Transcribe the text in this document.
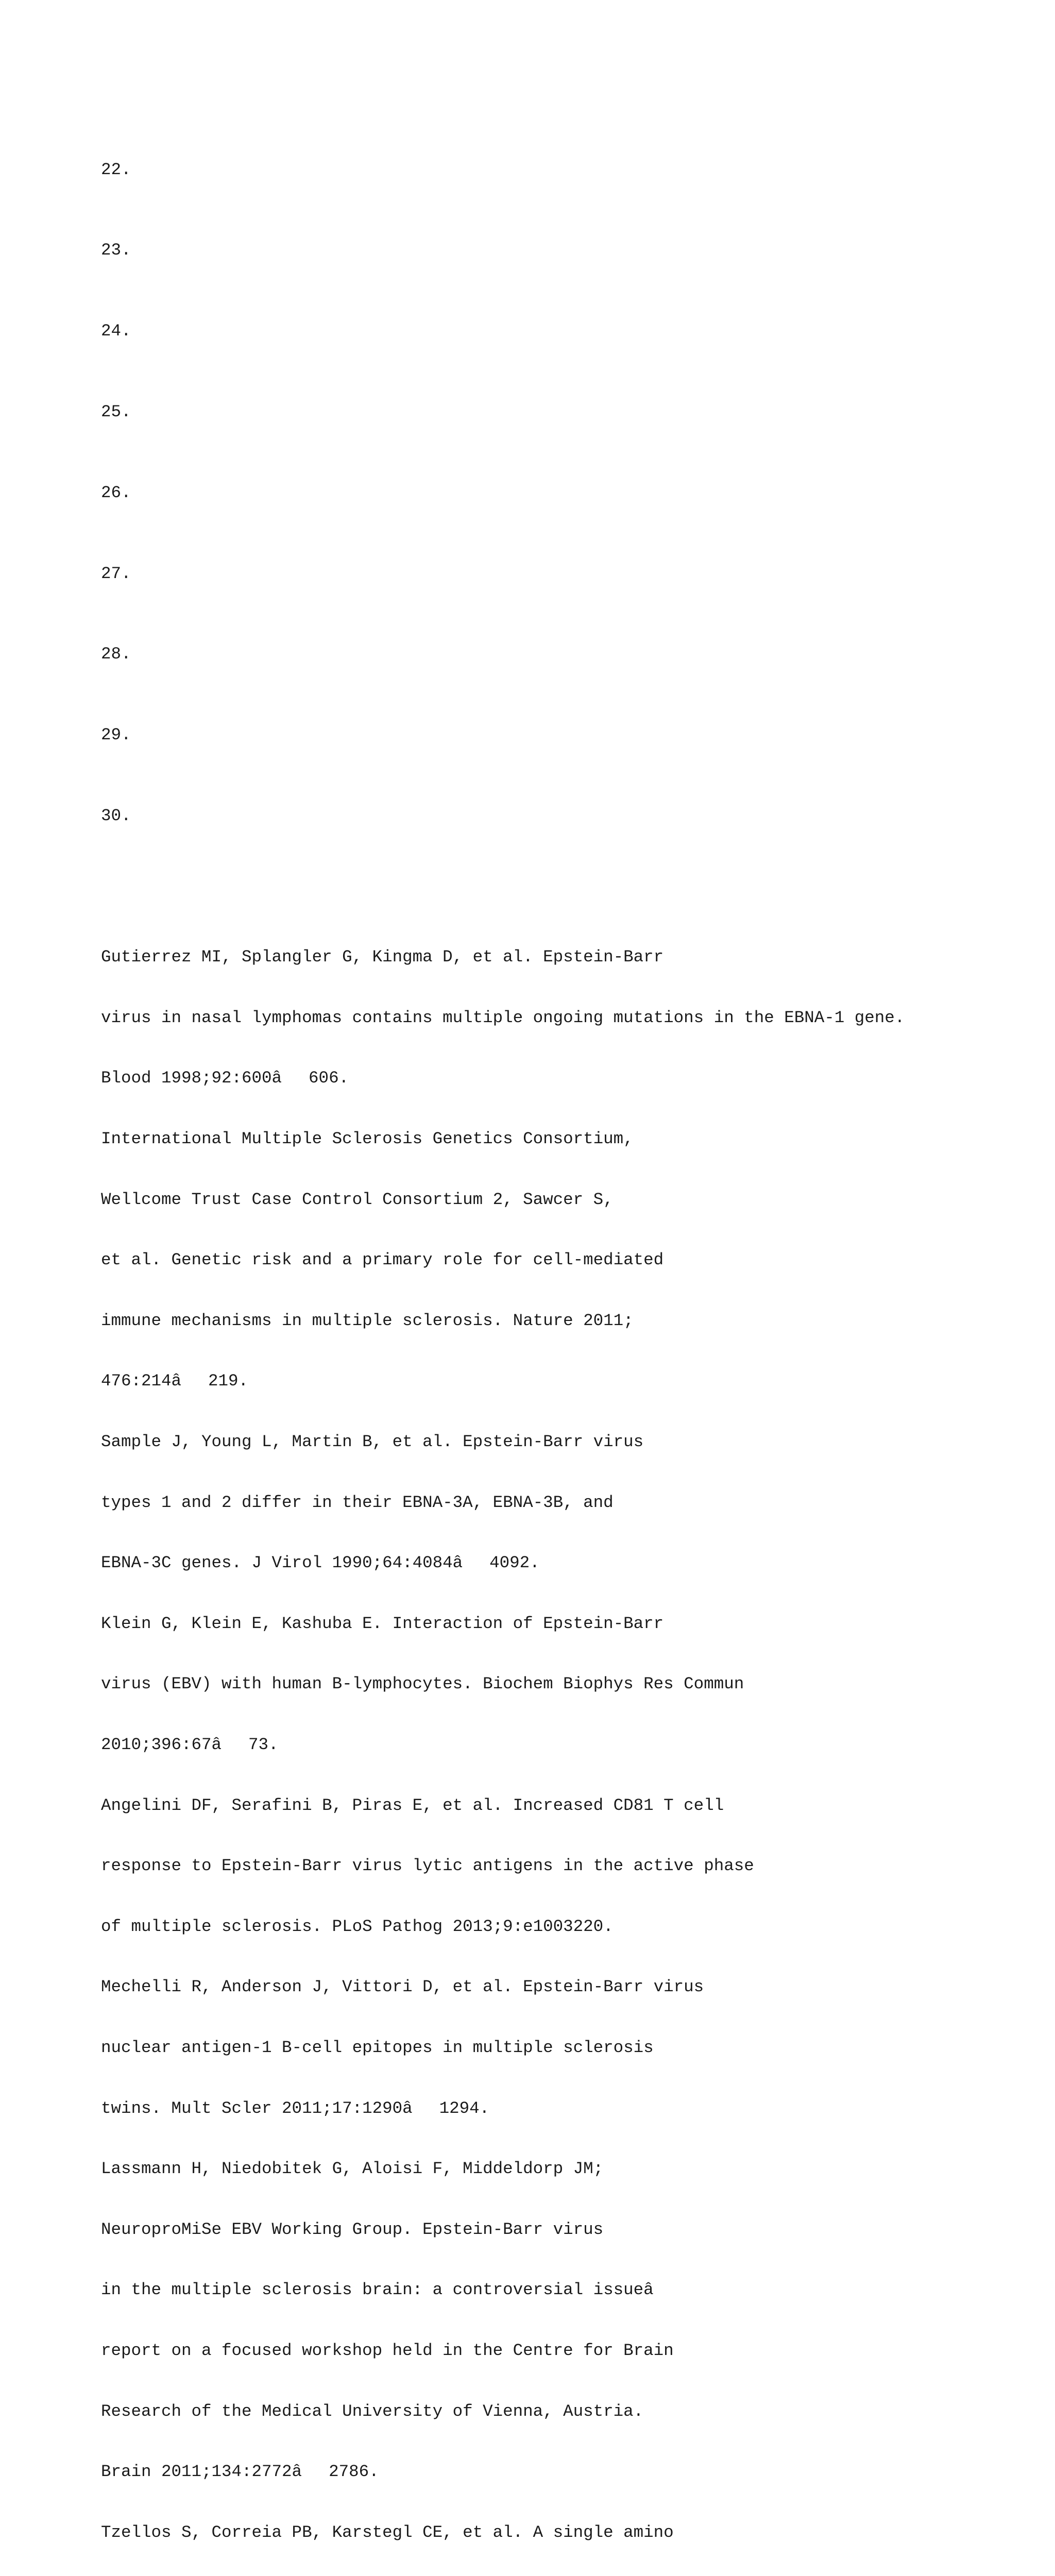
22.

23.

24.

25.

26.

27.

28.

29.

30.

Gutierrez MI, Splangler G, Kingma D, et al. Epstein-Barr

virus in nasal lymphomas contains multiple ongoing mutations in the EBNA-1 gene.

Blood 1998;92:600â606.

International Multiple Sclerosis Genetics Consortium,

Wellcome Trust Case Control Consortium 2, Sawcer S,

et al. Genetic risk and a primary role for cell-mediated

immune mechanisms in multiple sclerosis. Nature 2011;

476:214â219.

Sample J, Young L, Martin B, et al. Epstein-Barr virus

types 1 and 2 differ in their EBNA-3A, EBNA-3B, and

EBNA-3C genes. J Virol 1990;64:4084â4092.

Klein G, Klein E, Kashuba E. Interaction of Epstein-Barr

virus (EBV) with human B-lymphocytes. Biochem Biophys Res Commun

2010;396:67â73.

Angelini DF, Serafini B, Piras E, et al. Increased CD81 T cell

response to Epstein-Barr virus lytic antigens in the active phase

of multiple sclerosis. PLoS Pathog 2013;9:e1003220.

Mechelli R, Anderson J, Vittori D, et al. Epstein-Barr virus

nuclear antigen-1 B-cell epitopes in multiple sclerosis

twins. Mult Scler 2011;17:1290â1294.

Lassmann H, Niedobitek G, Aloisi F, Middeldorp JM;

NeuroproMiSe EBV Working Group. Epstein-Barr virus

in the multiple sclerosis brain: a controversial issueâ

report on a focused workshop held in the Centre for Brain

Research of the Medical University of Vienna, Austria.

Brain 2011;134:2772â2786.

Tzellos S, Correia PB, Karstegl CE, et al. A single amino
